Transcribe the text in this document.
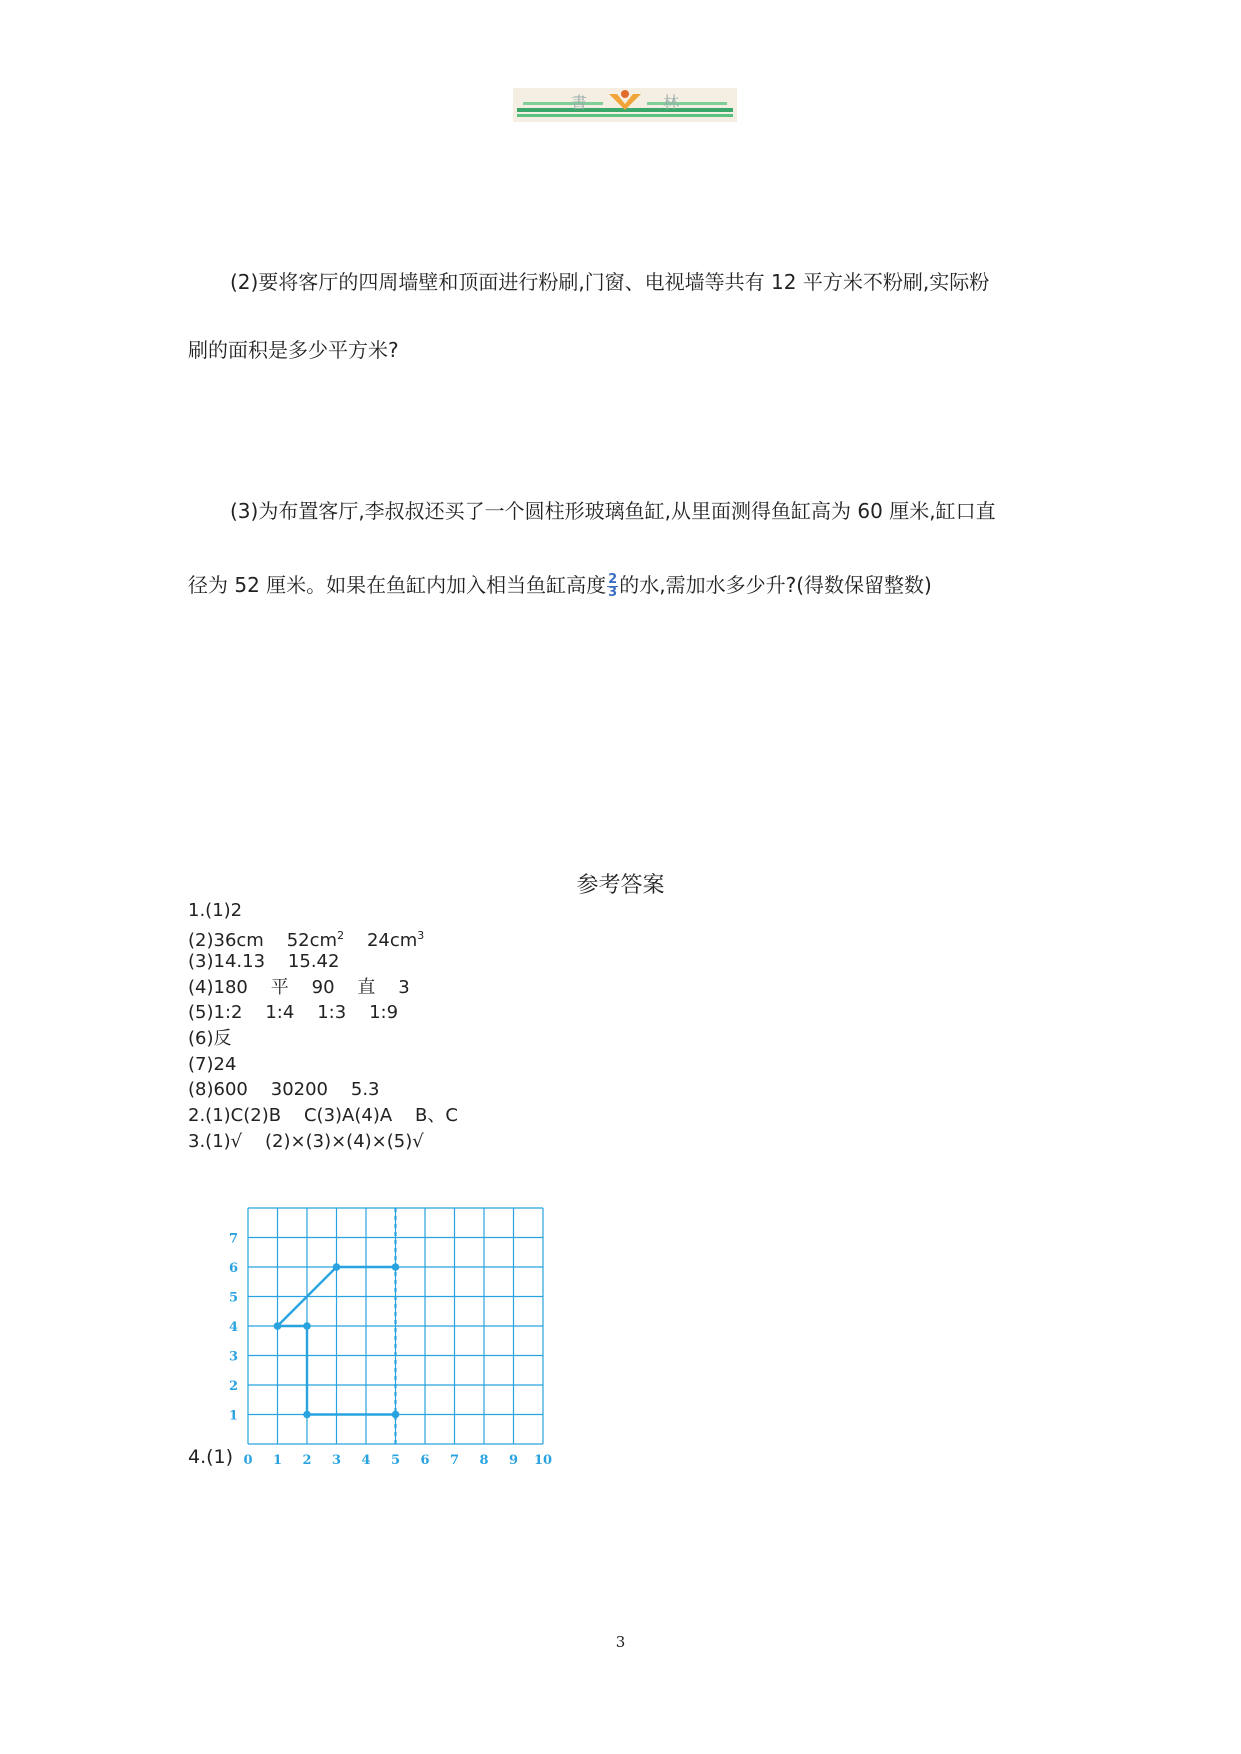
書	林
(2)要将客厅的四周墙壁和顶面进行粉刷,门窗、电视墙等共有 12 平方米不粉刷,实际粉
刷的面积是多少平方米?
(3)为布置客厅,李叔叔还买了一个圆柱形玻璃鱼缸,从里面测得鱼缸高为 60 厘米,缸口直
径为 52 厘米。如果在鱼缸内加入相当鱼缸高度 $\frac{2}{3}$ 的水,需加水多少升?(得数保留整数)
参考答案
1.(1)2
(2)36cm    $52cm^2$    $24cm^3$
(3)14.13    15.42
(4)180    平    90    直    3
(5)1:2    1:4    1:3    1:9
(6)反
(7)24
(8)600    30200    5.3
2.(1)C(2)B    C(3)A(4)A    B、C
3.(1)√    (2)×(3)×(4)×(5)√
0 1 2 3 4 5 6 7 8 9 10
1
2
3
4
5
6
7
4.(1)
3
